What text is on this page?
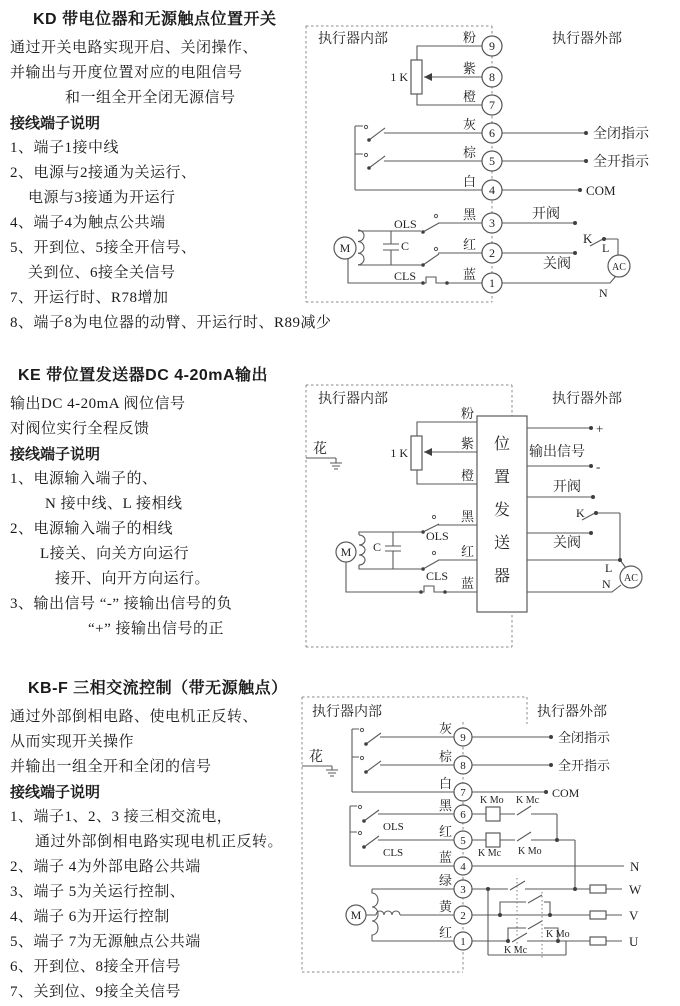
KD 带电位器和无源触点位置开关
通过开关电路实现开启、关闭操作、
并输出与开度位置对应的电阻信号
和一组全开全闭无源信号
接线端子说明
1、端子1接中线
2、电源与2接通为关运行、
电源与3接通为开运行
4、端子4为触点公共端
5、开到位、5接全开信号、
关到位、6接全关信号
7、开运行时、R78增加
8、端子8为电位器的动臂、开运行时、R89减少
M
AC
9
8
7
6
5
4
3
2
1
执行器内部	执行器外部
1 K
粉
紫
橙
灰
棕
白
黑
红
蓝
OLS
CLS
C
全闭指示
全开指示
COM
开阀
关阀
K
L
N
KE 带位置发送器DC 4-20mA输出
输出DC 4-20mA 阀位信号
对阀位实行全程反馈
接线端子说明
1、电源输入端子的、
N 接中线、L 接相线
2、电源输入端子的相线
L接关、向关方向运行
接开、向开方向运行。
3、输出信号 “-” 接输出信号的负
“+” 接输出信号的正
M
位
置
发
送
器	AC
执行器内部	执行器外部
花	1 K
粉
紫
橙
黑
红
蓝
OLS
CLS
C
+
输出信号
-
开阀
K
关阀
L
N
KB-F 三相交流控制（带无源触点）
通过外部倒相电路、使电机正反转、
从而实现开关操作
并输出一组全开和全闭的信号
接线端子说明
1、端子1、2、3 接三相交流电，
通过外部倒相电路实现电机正反转。
2、端子 4为外部电路公共端
3、端子 5为关运行控制、
4、端子 6为开运行控制
5、端子 7为无源触点公共端
6、开到位、8接全开信号
7、关到位、9接全关信号
M
9
8
7
6
5
4
3
2
1
执行器内部	执行器外部
花
灰
棕
白
黑
红
蓝
绿
黄
红
OLS
CLS
全闭指示
全开指示
COM
K Mo K Mc
K Mc K Mo
K Mc
K Mo
N
W
V
U
